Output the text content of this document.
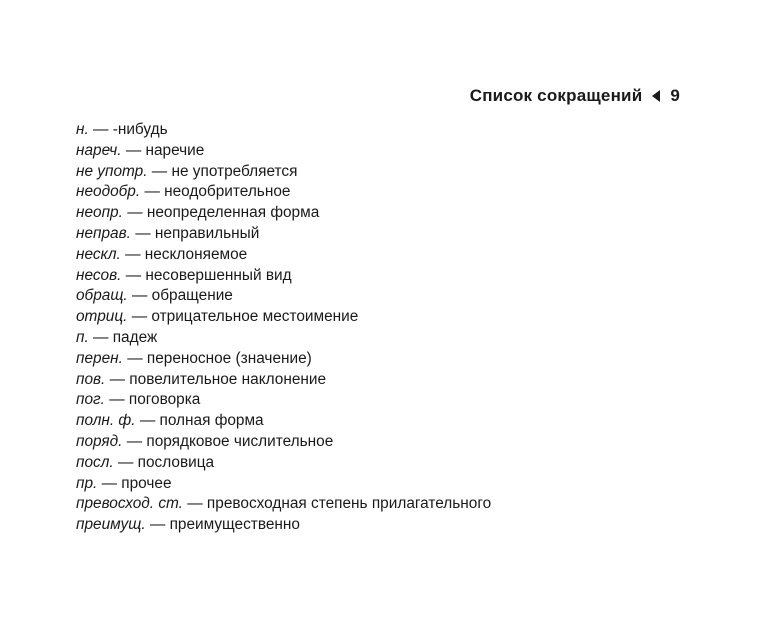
Список сокращений 9
н. — -нибудь
нареч. — наречие
не употр. — не употребляется
неодобр. — неодобрительное
неопр. — неопределенная форма
неправ. — неправильный
нескл. — несклоняемое
несов. — несовершенный вид
обращ. — обращение
отриц. — отрицательное местоимение
п. — падеж
перен. — переносное (значение)
пов. — повелительное наклонение
пог. — поговорка
полн. ф. — полная форма
поряд. — порядковое числительное
посл. — пословица
пр. — прочее
превосход. ст. — превосходная степень прилагательного
преимущ. — преимущественно
